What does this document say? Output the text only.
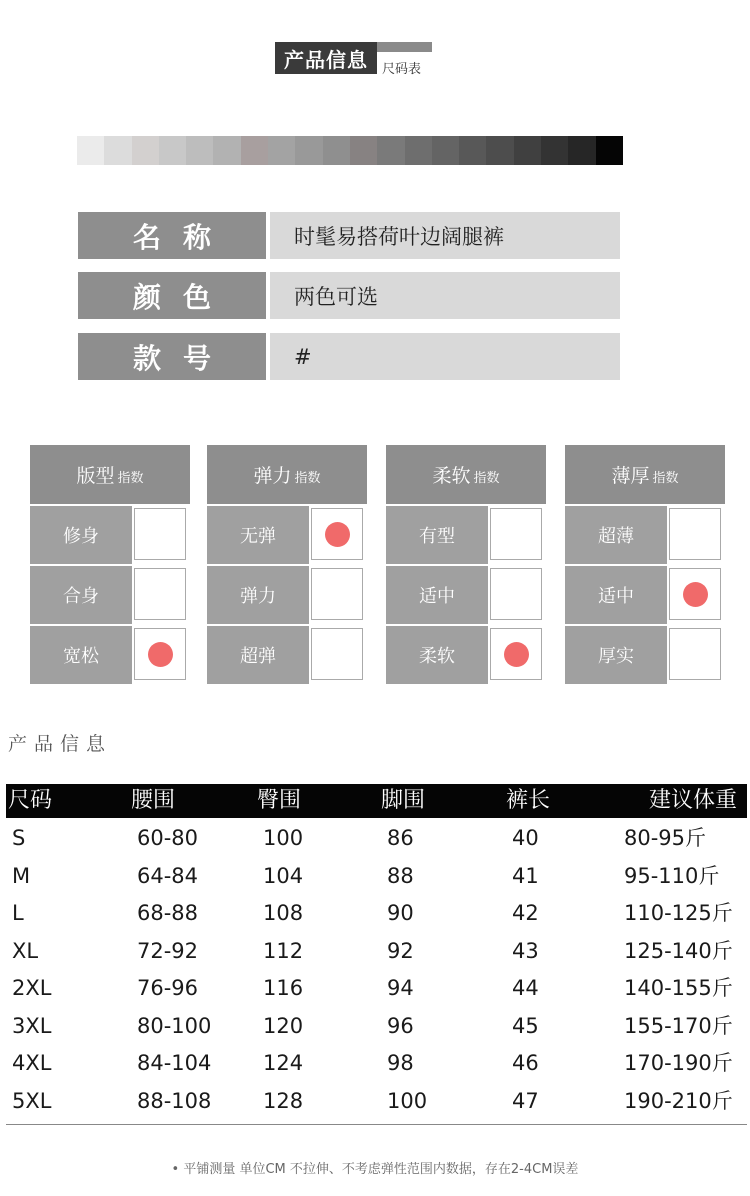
产品信息	尺码表
名称	时髦易搭荷叶边阔腿裤
颜色	两色可选
款号	#
版型 指数
修身
合身
宽松
弹力 指数
无弹
弹力
超弹
柔软 指数
有型
适中
柔软
薄厚 指数
超薄
适中
厚实
产品信息
尺码	腰围	臀围	脚围	裤长	建议体重
S	60-80	100	86	40	80-95斤
M	64-84	104	88	41	95-110斤
L	68-88	108	90	42	110-125斤
XL	72-92	112	92	43	125-140斤
2XL	76-96	116	94	44	140-155斤
3XL	80-100 120	96	45	155-170斤
4XL	84-104 124	98	46	170-190斤
5XL	88-108 128	100	47	190-210斤
• 平铺测量 单位CM 不拉伸、不考虑弹性范围内数据，存在2-4CM误差
